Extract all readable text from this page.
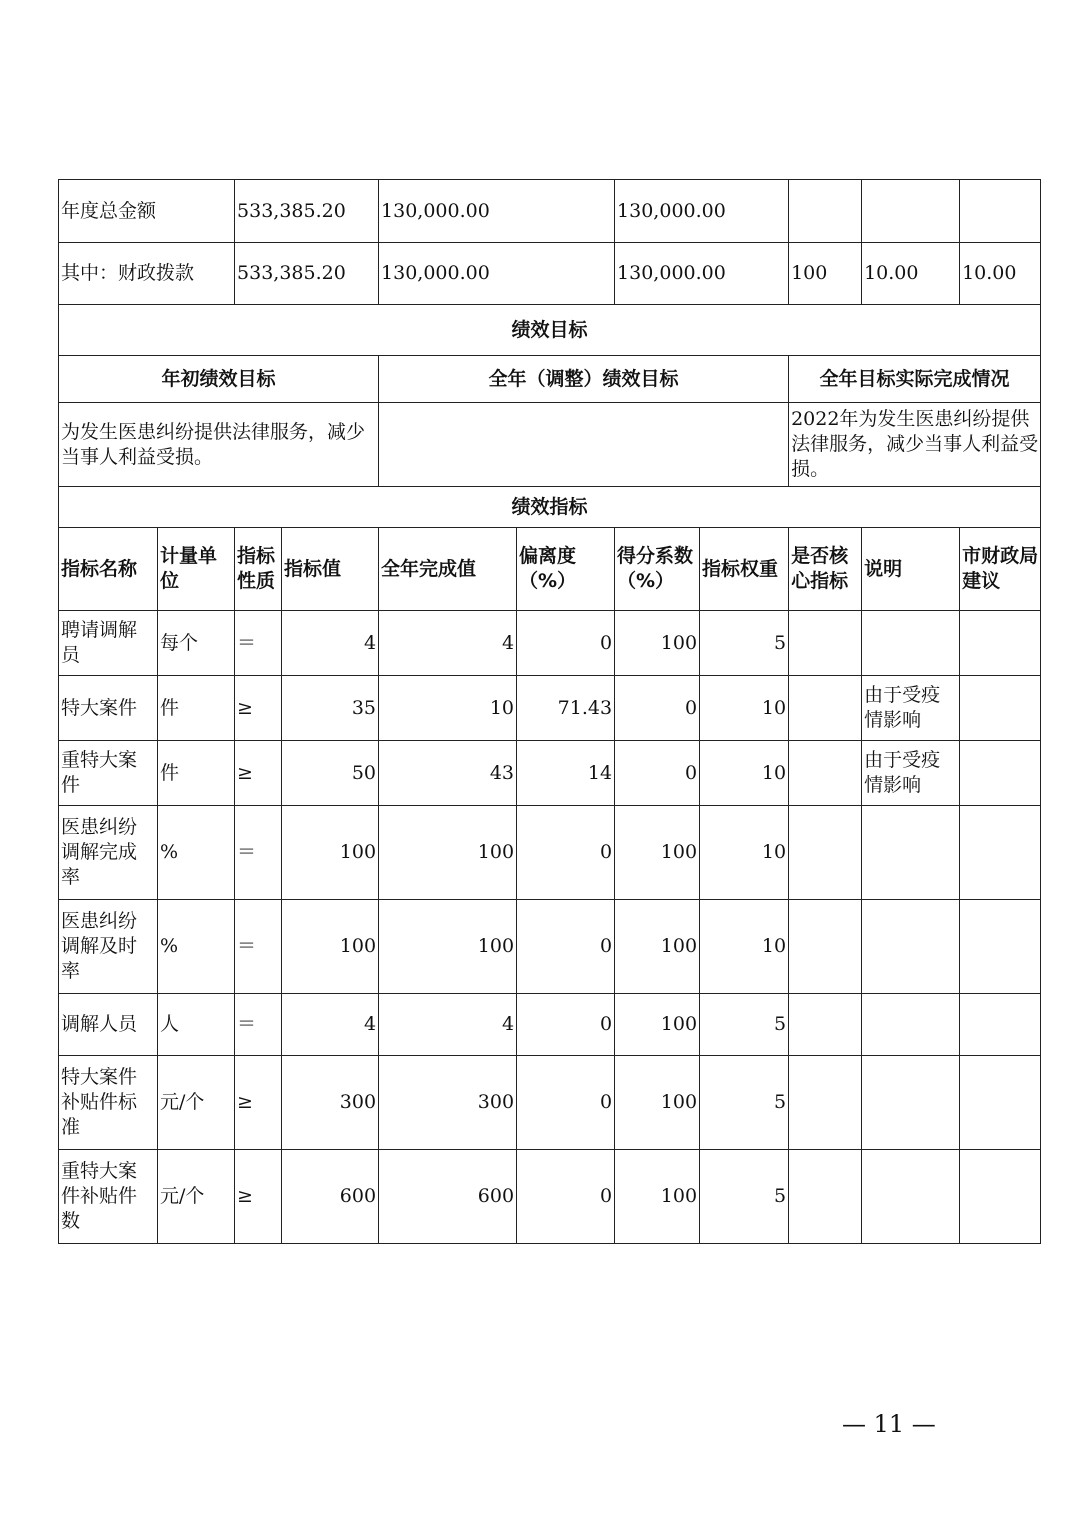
年度总金额		533,385.20		130,000.00		130,000.00				
其中：财政拨款		533,385.20		130,000.00		130,000.00		100	10.00	10.00
绩效目标										
年初绩效目标				全年（调整）绩效目标				全年目标实际完成情况		
为发生医患纠纷提供法律服务，减少当事人利益受损。								2022年为发生医患纠纷提供法律服务，减少当事人利益受损。		
绩效指标										
指标名称	计量单位	指标性质	指标值	全年完成值	偏离度（%）	得分系数（%）	指标权重	是否核心指标	说明	市财政局建议
聘请调解员	每个	＝	4	4	0	100	5			
特大案件	件	≥	35	10	71.43	0	10		由于受疫情影响	
重特大案件	件	≥	50	43	14	0	10		由于受疫情影响	
医患纠纷调解完成率	%	＝	100	100	0	100	10			
医患纠纷调解及时率	%	＝	100	100	0	100	10			
调解人员	人	＝	4	4	0	100	5			
特大案件补贴件标准	元/个	≥	300	300	0	100	5			
重特大案件补贴件数	元/个	≥	600	600	0	100	5			
— 11 —
